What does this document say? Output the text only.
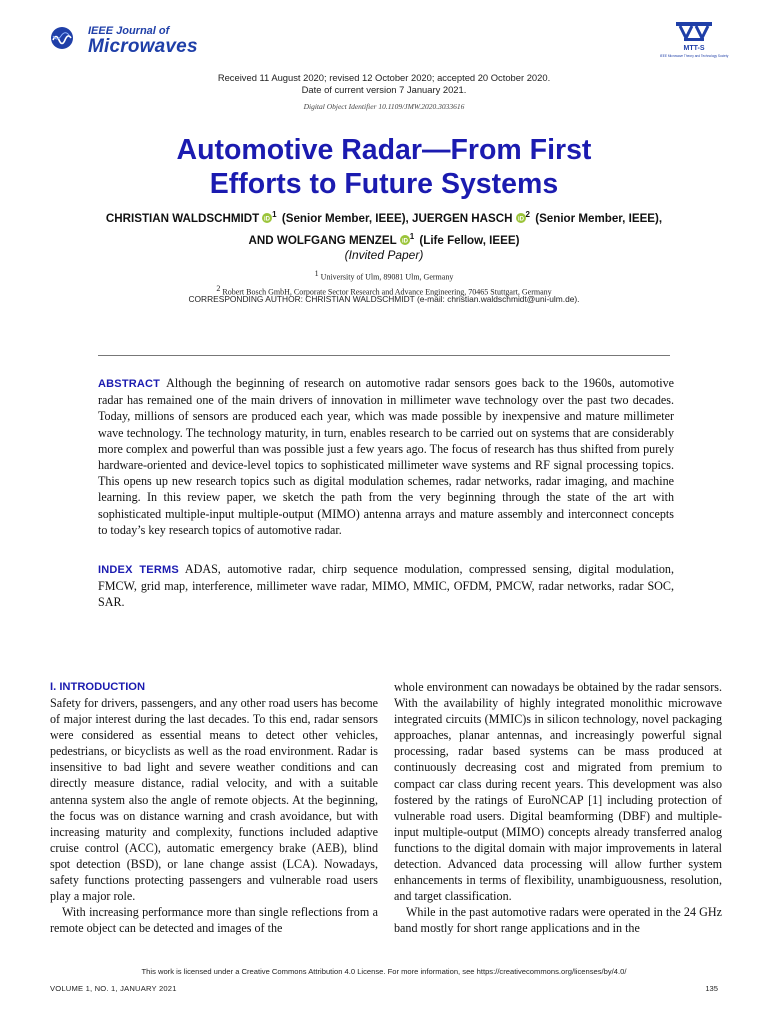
IEEE Journal of
Microwaves	MTT-S
IEEE Microwave Theory and Technology Society
Received 11 August 2020; revised 12 October 2020; accepted 20 October 2020.
Date of current version 7 January 2021.
Digital Object Identifier 10.1109/JMW.2020.3033616
Automotive Radar—From First
Efforts to Future Systems
CHRISTIAN WALDSCHMIDT iD
$^1$ (Senior Member, IEEE), JUERGEN HASCH iD
$^2$ (Senior Member, IEEE),
AND WOLFGANG MENZEL iD
$^1$ (Life Fellow, IEEE)
(Invited Paper)
1 University of Ulm, 89081 Ulm, Germany
2 Robert Bosch GmbH, Corporate Sector Research and Advance Engineering, 70465 Stuttgart, Germany
CORRESPONDING AUTHOR: CHRISTIAN WALDSCHMIDT (e-mail: christian.waldschmidt@uni-ulm.de).
ABSTRACT Although the beginning of research on automotive radar sensors goes back to the 1960s, automotive radar has remained one of the main drivers of innovation in millimeter wave technology over the past two decades. Today, millions of sensors are produced each year, which was made possible by inexpensive and mature millimeter wave technology. The technology maturity, in turn, enables research to be carried out on systems that are considerably more complex and powerful than was possible just a few years ago. The focus of research has thus shifted from purely hardware-oriented and device-level topics to sophisticated millimeter wave systems and RF signal processing topics. This opens up new research topics such as digital modulation schemes, radar networks, radar imaging, and machine learning. In this review paper, we sketch the path from the very beginning through the state of the art with sophisticated multiple-input multiple-output (MIMO) antenna arrays and mature assembly and interconnect concepts to today’s key research topics of automotive radar.
INDEX TERMS ADAS, automotive radar, chirp sequence modulation, compressed sensing, digital modulation, FMCW, grid map, interference, millimeter wave radar, MIMO, MMIC, OFDM, PMCW, radar networks, radar SOC, SAR.

I. INTRODUCTION

Safety for drivers, passengers, and any other road users has become of major interest during the last decades. To this end, radar sensors were considered as essential means to detect other vehicles, pedestrians, or bicyclists as well as the road environment. Radar is insensitive to bad light and severe weather conditions and can directly measure distance, radial velocity, and with a suitable antenna system also the angle of remote objects. At the beginning, the focus was on distance warning and crash avoidance, but with increasing maturity and complexity, functions included adaptive cruise control (ACC), automatic emergency brake (AEB), blind spot detection (BSD), or lane change assist (LCA). Nowadays, safety functions protecting passengers and vulnerable road users play a major role.

With increasing performance more than single reflections from a remote object can be detected and images of the

whole environment can nowadays be obtained by the radar sensors. With the availability of highly integrated monolithic microwave integrated circuits (MMIC)s in silicon technology, novel packaging approaches, planar antennas, and increasingly powerful signal processing, radar based systems can be mass produced at continuously decreasing cost and migrated from premium to compact car class during recent years. This development was also fostered by the ratings of EuroNCAP [1] including protection of vulnerable road users. Digital beamforming (DBF) and multiple-input multiple-output (MIMO) concepts already transferred analog functions to the digital domain with major improvements in lateral detection. Advanced data processing will allow further system enhancements in terms of flexibility, unambiguousness, resolution, and target classification.

While in the past automotive radars were operated in the 24 GHz band mostly for short range applications and in the

This work is licensed under a Creative Commons Attribution 4.0 License. For more information, see https://creativecommons.org/licenses/by/4.0/
VOLUME 1, NO. 1, JANUARY 2021	135
